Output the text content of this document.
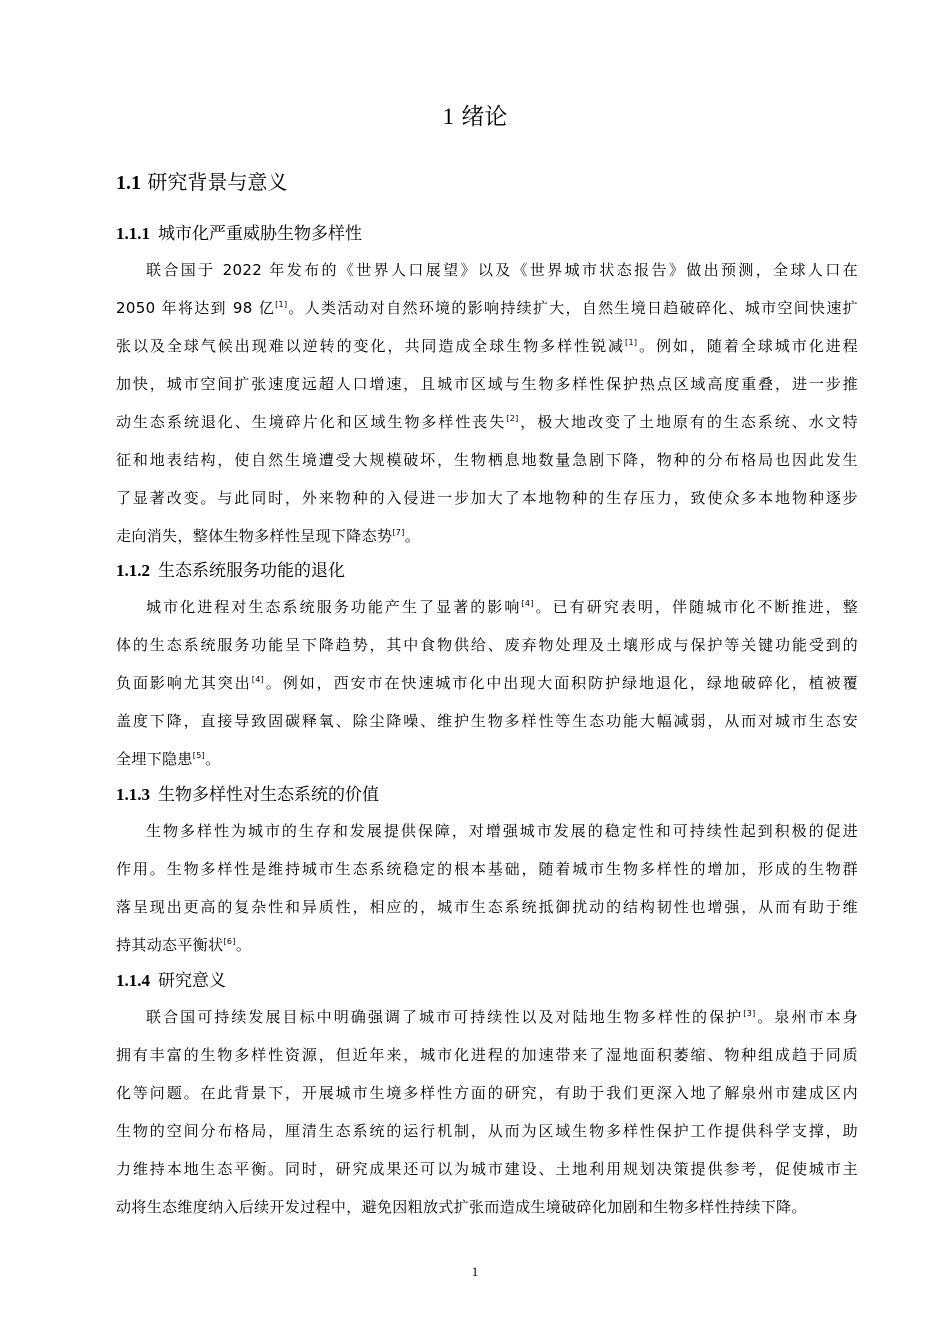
1 绪论
1.1 研究背景与意义
1.1.1 城市化严重威胁生物多样性
联合国于 2022 年发布的《世界人口展望》以及《世界城市状态报告》做出预测，全球人口在
2050 年将达到 98 亿[1]。人类活动对自然环境的影响持续扩大，自然生境日趋破碎化、城市空间快速扩
张以及全球气候出现难以逆转的变化，共同造成全球生物多样性锐减[1]。例如，随着全球城市化进程
加快，城市空间扩张速度远超人口增速，且城市区域与生物多样性保护热点区域高度重叠，进一步推
动生态系统退化、生境碎片化和区域生物多样性丧失[2]，极大地改变了土地原有的生态系统、水文特
征和地表结构，使自然生境遭受大规模破坏，生物栖息地数量急剧下降，物种的分布格局也因此发生
了显著改变。与此同时，外来物种的入侵进一步加大了本地物种的生存压力，致使众多本地物种逐步
走向消失，整体生物多样性呈现下降态势[7]。
1.1.2 生态系统服务功能的退化
城市化进程对生态系统服务功能产生了显著的影响[4]。已有研究表明，伴随城市化不断推进，整
体的生态系统服务功能呈下降趋势，其中食物供给、废弃物处理及土壤形成与保护等关键功能受到的
负面影响尤其突出[4]。例如，西安市在快速城市化中出现大面积防护绿地退化，绿地破碎化，植被覆
盖度下降，直接导致固碳释氧、除尘降噪、维护生物多样性等生态功能大幅减弱，从而对城市生态安
全埋下隐患[5]。
1.1.3 生物多样性对生态系统的价值
生物多样性为城市的生存和发展提供保障，对增强城市发展的稳定性和可持续性起到积极的促进
作用。生物多样性是维持城市生态系统稳定的根本基础，随着城市生物多样性的增加，形成的生物群
落呈现出更高的复杂性和异质性，相应的，城市生态系统抵御扰动的结构韧性也增强，从而有助于维
持其动态平衡状[6]。
1.1.4 研究意义
联合国可持续发展目标中明确强调了城市可持续性以及对陆地生物多样性的保护[3]。泉州市本身
拥有丰富的生物多样性资源，但近年来，城市化进程的加速带来了湿地面积萎缩、物种组成趋于同质
化等问题。在此背景下，开展城市生境多样性方面的研究，有助于我们更深入地了解泉州市建成区内
生物的空间分布格局，厘清生态系统的运行机制，从而为区域生物多样性保护工作提供科学支撑，助
力维持本地生态平衡。同时，研究成果还可以为城市建设、土地利用规划决策提供参考，促使城市主
动将生态维度纳入后续开发过程中，避免因粗放式扩张而造成生境破碎化加剧和生物多样性持续下降。
1
